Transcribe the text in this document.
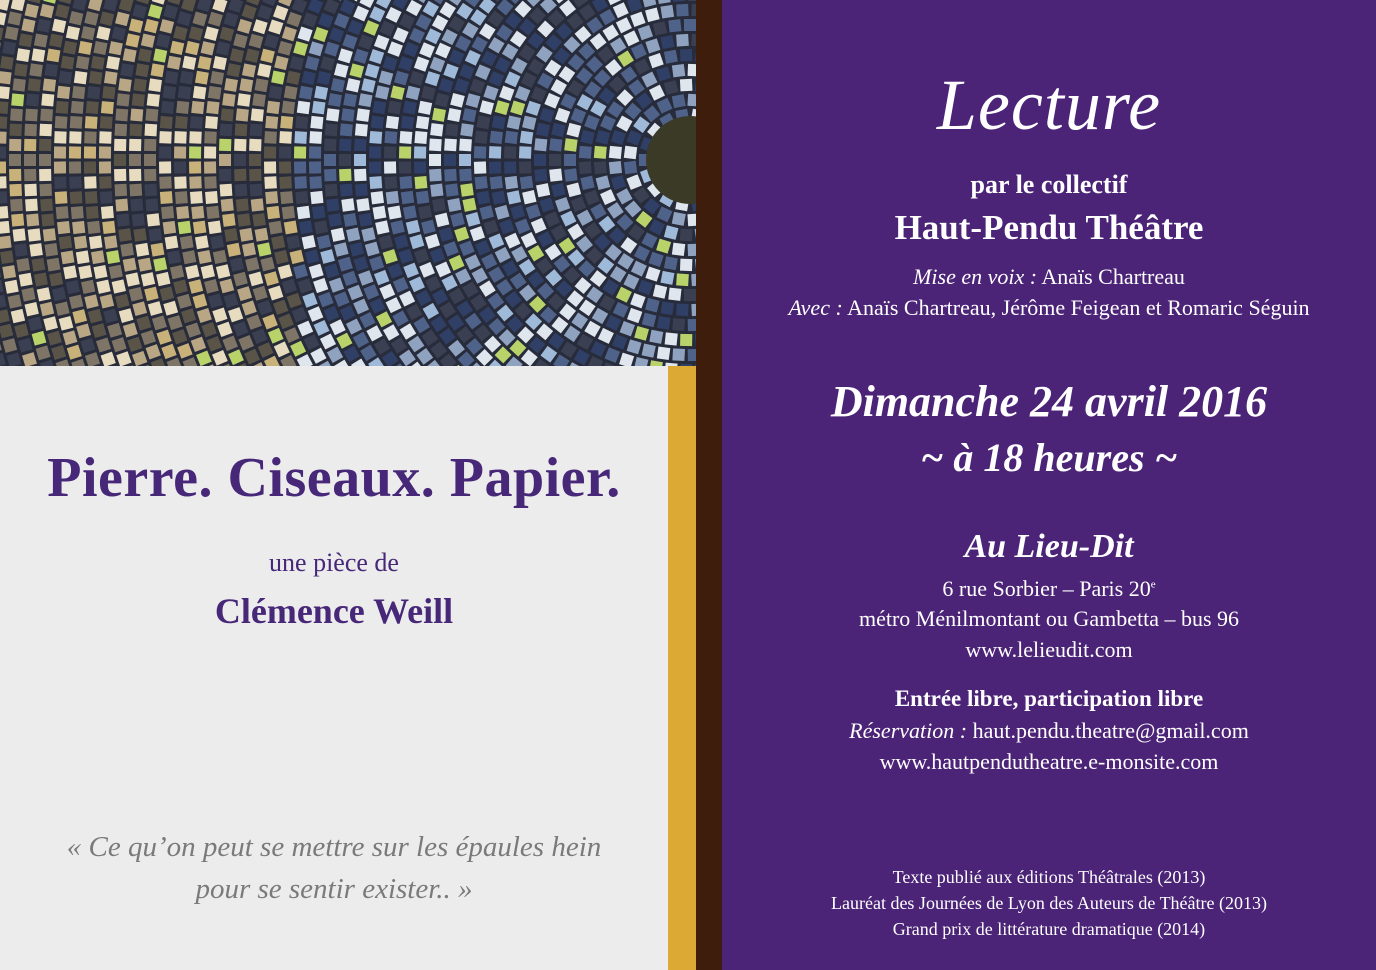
Pierre. Ciseaux. Papier.
une pièce de
Clémence Weill
« Ce qu’on peut se mettre sur les épaules hein
pour se sentir exister.. »
Lecture
par le collectif
Haut-Pendu Théâtre
Mise en voix : Anaïs Chartreau
Avec : Anaïs Chartreau, Jérôme Feigean et Romaric Séguin
Dimanche 24 avril 2016
~ à 18 heures ~
Au Lieu-Dit
6 rue Sorbier – Paris 20e
métro Ménilmontant ou Gambetta – bus 96
www.lelieudit.com
Entrée libre, participation libre
Réservation : haut.pendu.theatre@gmail.com
www.hautpendutheatre.e-monsite.com
Texte publié aux éditions Théâtrales (2013)
Lauréat des Journées de Lyon des Auteurs de Théâtre (2013)
Grand prix de littérature dramatique (2014)
